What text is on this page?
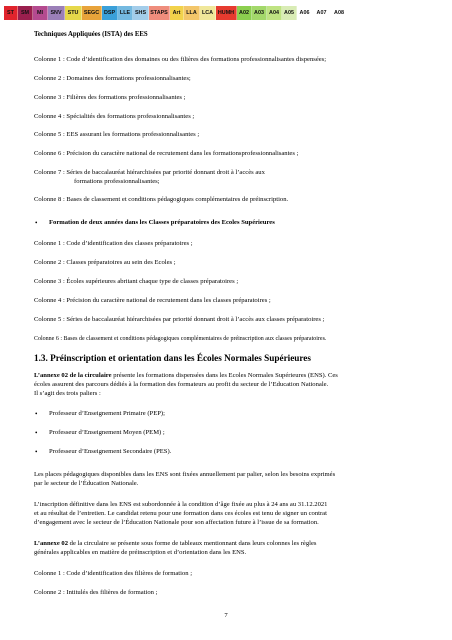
ST	SM	MI	SNV	STU	SEGC DSP LLE SHS STAPS Art	LLA LCA HUMH A02 A03 A04 A05	A06	A07	A08
Techniques Appliquées (ISTA) des EES
Colonne 1 : Code d’identification des domaines ou des filières des formations professionnalisantes dispensées;
Colonne 2 : Domaines des formations professionnalisantes;
Colonne 3 : Filières des formations professionnalisantes ;
Colonne 4 : Spécialités des formations professionnalisantes ;
Colonne 5 : EES assurant les formations professionnalisantes ;
Colonne 6 : Précision du caractère national de recrutement dans les formationsprofessionnalisantes ;
Colonne 7 : Séries de baccalauréat hiérarchisées par priorité donnant droit à l’accès aux
formations professionnalisantes;
Colonne 8 : Bases de classement et conditions pédagogiques complémentaires de préinscription.
• Formation de deux années dans les Classes préparatoires des Ecoles Supérieures
Colonne 1 : Code d’identification des classes préparatoires ;
Colonne 2 : Classes préparatoires au sein des Ecoles ;
Colonne 3 : Écoles supérieures abritant chaque type de classes préparatoires ;
Colonne 4 : Précision du caractère national de recrutement dans les classes préparatoires ;
Colonne 5 : Séries de baccalauréat hiérarchisées par priorité donnant droit à l’accès aux classes préparatoires ;
Colonne 6 : Bases de classement et conditions pédagogiques complémentaires de préinscription aux classes préparatoires.
1.3. Préinscription et orientation dans les Écoles Normales Supérieures
L’annexe 02 de la circulaire présente les formations dispensées dans les Ecoles Normales Supérieures (ENS). Ces
écoles assurent des parcours dédiés à la formation des formateurs au profit du secteur de l’Education Nationale.
Il s’agit des trois paliers :
• Professeur d’Enseignement Primaire (PEP);
• Professeur d’Enseignement Moyen (PEM) ;
• Professeur d’Enseignement Secondaire (PES).
Les places pédagogiques disponibles dans les ENS sont fixées annuellement par palier, selon les besoins exprimés
par le secteur de l’Éducation Nationale.
L’inscription définitive dans les ENS est subordonnée à la condition d’âge fixée au plus à 24 ans au 31.12.2021
et au résultat de l’entretien. Le candidat retenu pour une formation dans ces écoles est tenu de signer un contrat
d’engagement avec le secteur de l’Éducation Nationale pour son affectation future à l’issue de sa formation.
L’annexe 02 de la circulaire se présente sous forme de tableaux mentionnant dans leurs colonnes les règles
générales applicables en matière de préinscription et d’orientation dans les ENS.
Colonne 1 : Code d’identification des filières de formation ;
Colonne 2 : Intitulés des filières de formation ;
7
